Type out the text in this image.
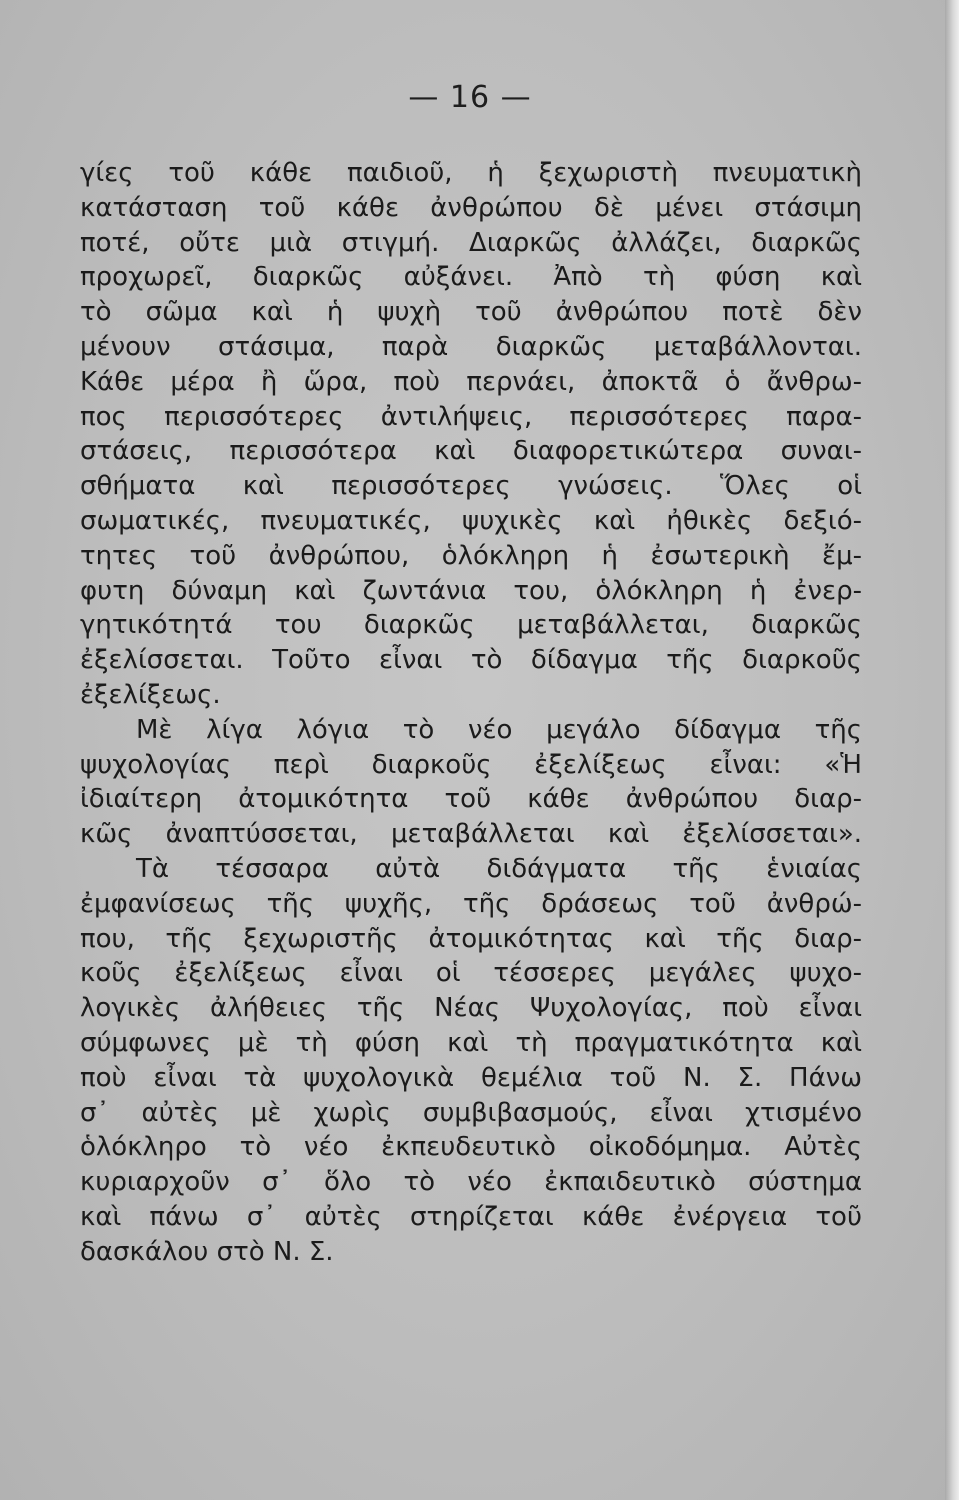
— 16 —
γίες τοῦ κάθε παιδιοῦ, ἡ ξεχωριστὴ πνευματικὴ
κατάσταση τοῦ κάθε ἀνθρώπου δὲ μένει στάσιμη
ποτέ, οὔτε μιὰ στιγμή. Διαρκῶς ἀλλάζει, διαρκῶς
προχωρεῖ, διαρκῶς αὐξάνει. Ἀπὸ τὴ φύση καὶ
τὸ σῶμα καὶ ἡ ψυχὴ τοῦ ἀνθρώπου ποτὲ δὲν
μένουν στάσιμα, παρὰ διαρκῶς μεταβάλλονται.
Κάθε μέρα ἢ ὥρα, ποὺ περνάει, ἀποκτᾶ ὁ ἄνθρω-
πος περισσότερες ἀντιλήψεις, περισσότερες παρα-
στάσεις, περισσότερα καὶ διαφορετικώτερα συναι-
σθήματα καὶ περισσότερες γνώσεις. Ὅλες οἱ
σωματικές, πνευματικές, ψυχικὲς καὶ ἠθικὲς δεξιό-
τητες τοῦ ἀνθρώπου, ὁλόκληρη ἡ ἐσωτερικὴ ἔμ-
φυτη δύναμη καὶ ζωντάνια του, ὁλόκληρη ἡ ἐνερ-
γητικότητά του διαρκῶς μεταβάλλεται, διαρκῶς
ἐξελίσσεται. Τοῦτο εἶναι τὸ δίδαγμα τῆς διαρκοῦς
ἐξελίξεως.
Μὲ λίγα λόγια τὸ νέο μεγάλο δίδαγμα τῆς
ψυχολογίας περὶ διαρκοῦς ἐξελίξεως εἶναι: «Ἡ
ἰδιαίτερη ἀτομικότητα τοῦ κάθε ἀνθρώπου διαρ-
κῶς ἀναπτύσσεται, μεταβάλλεται καὶ ἐξελίσσεται».
Τὰ τέσσαρα αὐτὰ διδάγματα τῆς ἑνιαίας
ἐμφανίσεως τῆς ψυχῆς, τῆς δράσεως τοῦ ἀνθρώ-
που, τῆς ξεχωριστῆς ἀτομικότητας καὶ τῆς διαρ-
κοῦς ἐξελίξεως εἶναι οἱ τέσσερες μεγάλες ψυχο-
λογικὲς ἀλήθειες τῆς Νέας Ψυχολογίας, ποὺ εἶναι
σύμφωνες μὲ τὴ φύση καὶ τὴ πραγματικότητα καὶ
ποὺ εἶναι τὰ ψυχολογικὰ θεμέλια τοῦ Ν. Σ. Πάνω
σ᾿ αὐτὲς μὲ χωρὶς συμβιβασμούς, εἶναι χτισμένο
ὁλόκληρο τὸ νέο ἐκπευδευτικὸ οἰκοδόμημα. Αὐτὲς
κυριαρχοῦν σ᾿ ὅλο τὸ νέο ἐκπαιδευτικὸ σύστημα
καὶ πάνω σ᾿ αὐτὲς στηρίζεται κάθε ἐνέργεια τοῦ
δασκάλου στὸ Ν. Σ.
